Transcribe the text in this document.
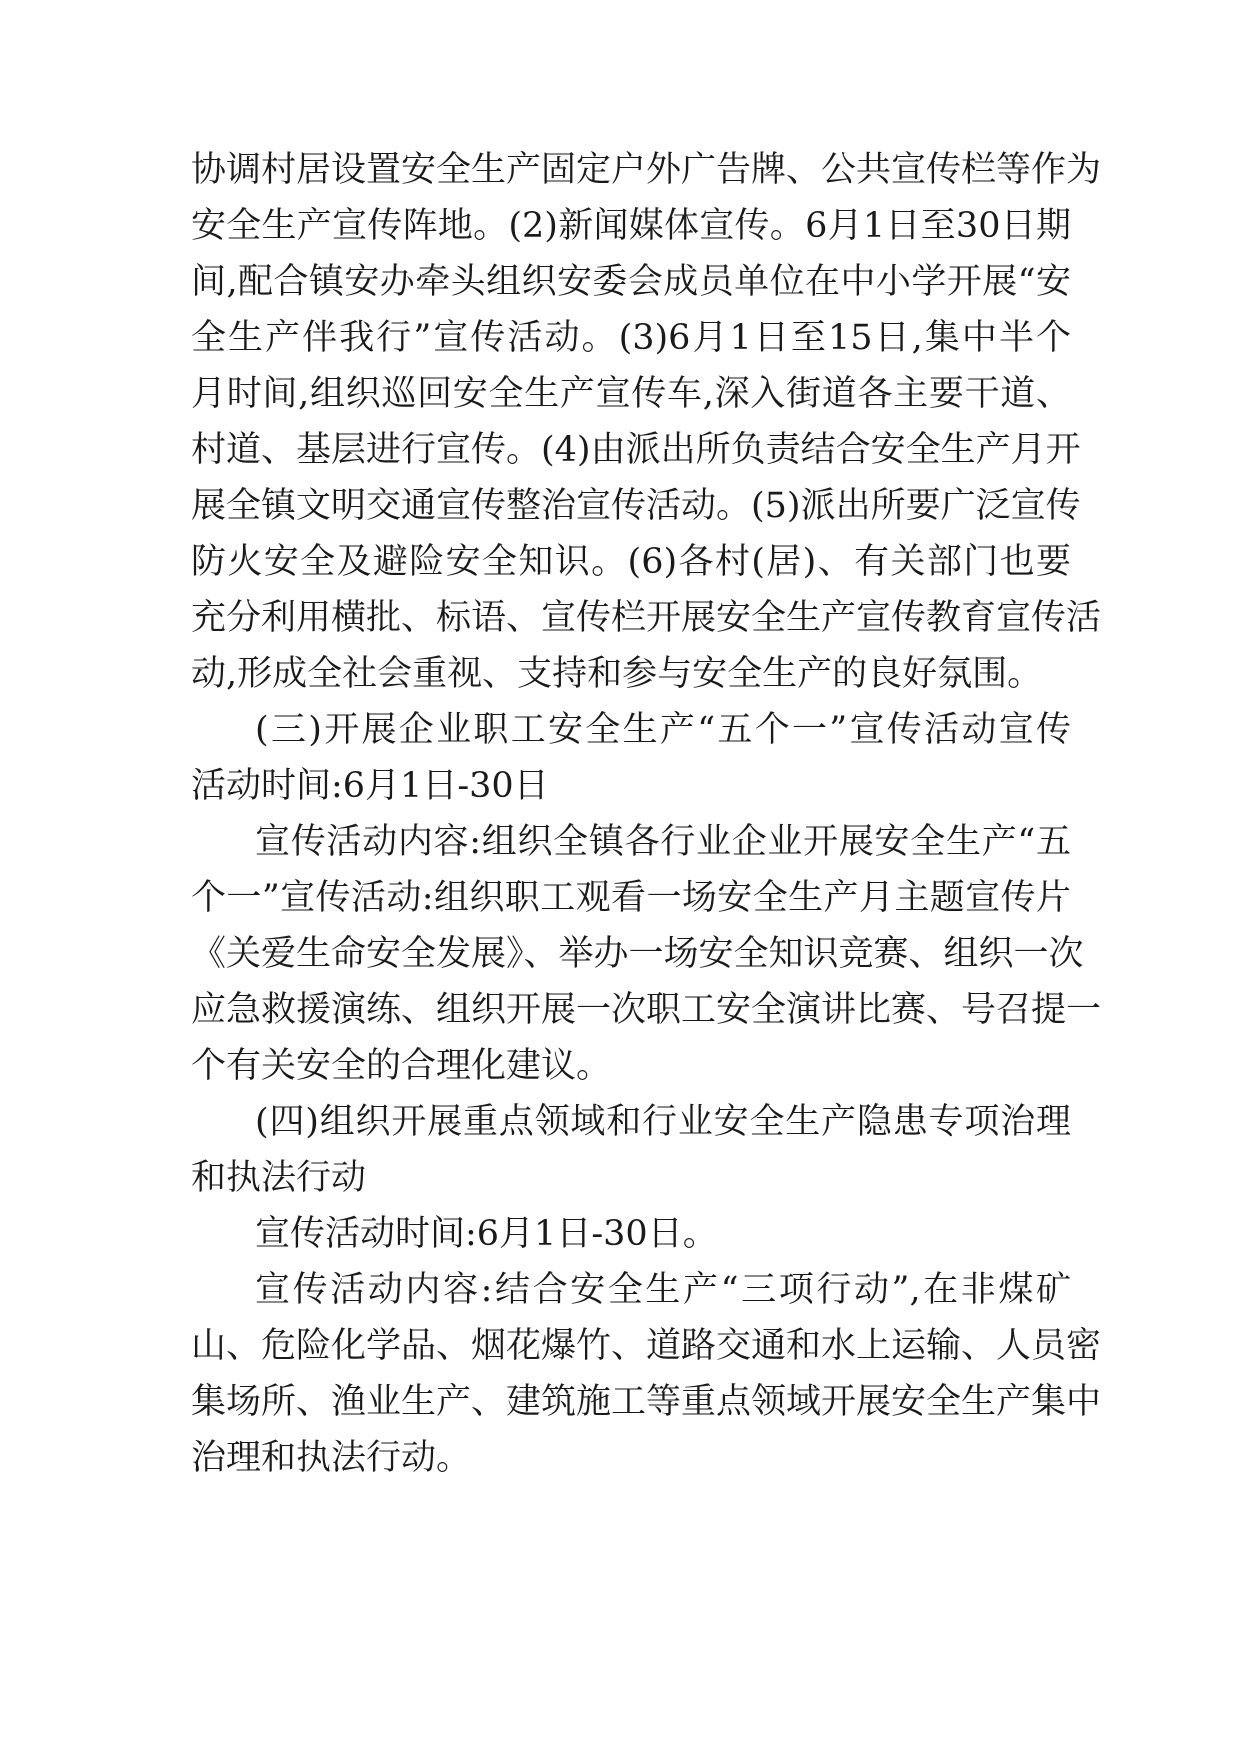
协调村居设置安全生产固定户外广告牌、公共宣传栏等作为

安全生产宣传阵地。(2)新闻媒体宣传。6月1日至30日期

间,配合镇安办牵头组织安委会成员单位在中小学开展“安

全生产伴我行”宣传活动。(3)6月1日至15日,集中半个

月时间,组织巡回安全生产宣传车,深入街道各主要干道、

村道、基层进行宣传。(4)由派出所负责结合安全生产月开

展全镇文明交通宣传整治宣传活动。(5)派出所要广泛宣传

防火安全及避险安全知识。(6)各村(居)、有关部门也要

充分利用横批、标语、宣传栏开展安全生产宣传教育宣传活

动,形成全社会重视、支持和参与安全生产的良好氛围。

(三)开展企业职工安全生产“五个一”宣传活动宣传

活动时间:6月1日-30日

宣传活动内容:组织全镇各行业企业开展安全生产“五

个一”宣传活动:组织职工观看一场安全生产月主题宣传片

《关爱生命安全发展》、举办一场安全知识竞赛、组织一次

应急救援演练、组织开展一次职工安全演讲比赛、号召提一

个有关安全的合理化建议。

(四)组织开展重点领域和行业安全生产隐患专项治理

和执法行动

宣传活动时间:6月1日-30日。

宣传活动内容:结合安全生产“三项行动”,在非煤矿

山、危险化学品、烟花爆竹、道路交通和水上运输、人员密

集场所、渔业生产、建筑施工等重点领域开展安全生产集中

治理和执法行动。
